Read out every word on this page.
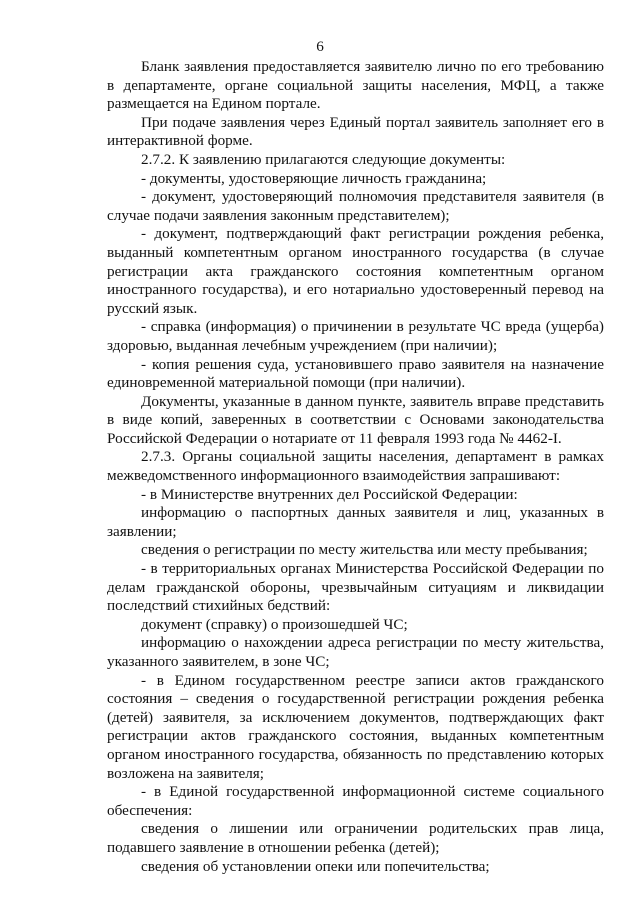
6

Бланк заявления предоставляется заявителю лично по его требованию в департаменте, органе социальной защиты населения, МФЦ, а также размещается на Едином портале.

При подаче заявления через Единый портал заявитель заполняет его в интерактивной форме.

2.7.2. К заявлению прилагаются следующие документы:

- документы, удостоверяющие личность гражданина;

- документ, удостоверяющий полномочия представителя заявителя (в случае подачи заявления законным представителем);

- документ, подтверждающий факт регистрации рождения ребенка, выданный компетентным органом иностранного государства (в случае регистрации акта гражданского состояния компетентным органом иностранного государства), и его нотариально удостоверенный перевод на русский язык.

- справка (информация) о причинении в результате ЧС вреда (ущерба) здоровью, выданная лечебным учреждением (при наличии);

- копия решения суда, установившего право заявителя на назначение единовременной материальной помощи (при наличии).

Документы, указанные в данном пункте, заявитель вправе представить в виде копий, заверенных в соответствии с Основами законодательства Российской Федерации о нотариате от 11 февраля 1993 года № 4462-I.

2.7.3. Органы социальной защиты населения, департамент в рамках межведомственного информационного взаимодействия запрашивают:

- в Министерстве внутренних дел Российской Федерации:

информацию о паспортных данных заявителя и лиц, указанных в заявлении;

сведения о регистрации по месту жительства или месту пребывания;

- в территориальных органах Министерства Российской Федерации по делам гражданской обороны, чрезвычайным ситуациям и ликвидации последствий стихийных бедствий:

документ (справку) о произошедшей ЧС;

информацию о нахождении адреса регистрации по месту жительства, указанного заявителем, в зоне ЧС;

- в Едином государственном реестре записи актов гражданского состояния – сведения о государственной регистрации рождения ребенка (детей) заявителя, за исключением документов, подтверждающих факт регистрации актов гражданского состояния, выданных компетентным органом иностранного государства, обязанность по представлению которых возложена на заявителя;

- в Единой государственной информационной системе социального обеспечения:

сведения о лишении или ограничении родительских прав лица, подавшего заявление в отношении ребенка (детей);

сведения об установлении опеки или попечительства;
